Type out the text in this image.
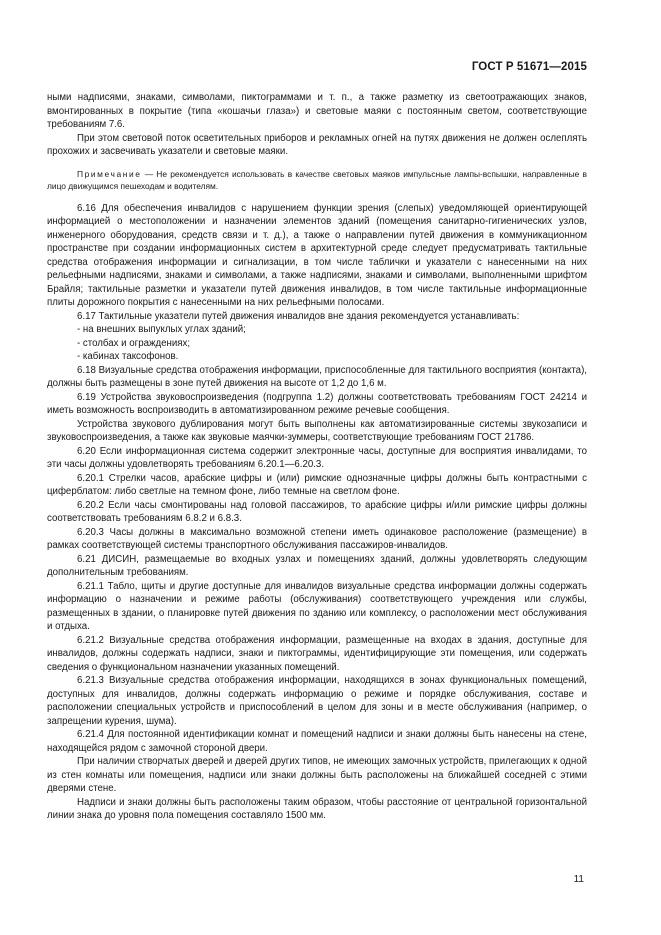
ГОСТ Р 51671—2015

ными надписями, знаками, символами, пиктограммами и т. п., а также разметку из светоотражающих знаков, вмонтированных в покрытие (типа «кошачьи глаза») и световые маяки с постоянным светом, соответствующие требованиям 7.6.

При этом световой поток осветительных приборов и рекламных огней на путях движения не должен ослеплять прохожих и засвечивать указатели и световые маяки.

Примечание — Не рекомендуется использовать в качестве световых маяков импульсные лампы-вспышки, направленные в лицо движущимся пешеходам и водителям.

6.16 Для обеспечения инвалидов с нарушением функции зрения (слепых) уведомляющей ориентирующей информацией о местоположении и назначении элементов зданий (помещения санитарно-гигиенических узлов, инженерного оборудования, средств связи и т. д.), а также о направлении путей движения в коммуникационном пространстве при создании информационных систем в архитектурной среде следует предусматривать тактильные средства отображения информации и сигнализации, в том числе таблички и указатели с нанесенными на них рельефными надписями, знаками и символами, а также надписями, знаками и символами, выполненными шрифтом Брайля; тактильные разметки и указатели путей движения инвалидов, в том числе тактильные информационные плиты дорожного покрытия с нанесенными на них рельефными полосами.

6.17 Тактильные указатели путей движения инвалидов вне здания рекомендуется устанавливать:

- на внешних выпуклых углах зданий;

- столбах и ограждениях;

- кабинах таксофонов.

6.18 Визуальные средства отображения информации, приспособленные для тактильного восприятия (контакта), должны быть размещены в зоне путей движения на высоте от 1,2 до 1,6 м.

6.19 Устройства звуковоспроизведения (подгруппа 1.2) должны соответствовать требованиям ГОСТ 24214 и иметь возможность воспроизводить в автоматизированном режиме речевые сообщения.

Устройства звукового дублирования могут быть выполнены как автоматизированные системы звукозаписи и звуковоспроизведения, а также как звуковые маячки-зуммеры, соответствующие требованиям ГОСТ 21786.

6.20 Если информационная система содержит электронные часы, доступные для восприятия инвалидами, то эти часы должны удовлетворять требованиям 6.20.1—6.20.3.

6.20.1 Стрелки часов, арабские цифры и (или) римские однозначные цифры должны быть контрастными с циферблатом: либо светлые на темном фоне, либо темные на светлом фоне.

6.20.2 Если часы смонтированы над головой пассажиров, то арабские цифры и/или римские цифры должны соответствовать требованиям 6.8.2 и 6.8.3.

6.20.3 Часы должны в максимально возможной степени иметь одинаковое расположение (размещение) в рамках соответствующей системы транспортного обслуживания пассажиров-инвалидов.

6.21 ДИСИН, размещаемые во входных узлах и помещениях зданий, должны удовлетворять следующим дополнительным требованиям.

6.21.1 Табло, щиты и другие доступные для инвалидов визуальные средства информации должны содержать информацию о назначении и режиме работы (обслуживания) соответствующего учреждения или службы, размещенных в здании, о планировке путей движения по зданию или комплексу, о расположении мест обслуживания и отдыха.

6.21.2 Визуальные средства отображения информации, размещенные на входах в здания, доступные для инвалидов, должны содержать надписи, знаки и пиктограммы, идентифицирующие эти помещения, или содержать сведения о функциональном назначении указанных помещений.

6.21.3 Визуальные средства отображения информации, находящихся в зонах функциональных помещений, доступных для инвалидов, должны содержать информацию о режиме и порядке обслуживания, составе и расположении специальных устройств и приспособлений в целом для зоны и в месте обслуживания (например, о запрещении курения, шума).

6.21.4 Для постоянной идентификации комнат и помещений надписи и знаки должны быть нанесены на стене, находящейся рядом с замочной стороной двери.

При наличии створчатых дверей и дверей других типов, не имеющих замочных устройств, прилегающих к одной из стен комнаты или помещения, надписи или знаки должны быть расположены на ближайшей соседней с этими дверями стене.

Надписи и знаки должны быть расположены таким образом, чтобы расстояние от центральной горизонтальной линии знака до уровня пола помещения составляло 1500 мм.

11
